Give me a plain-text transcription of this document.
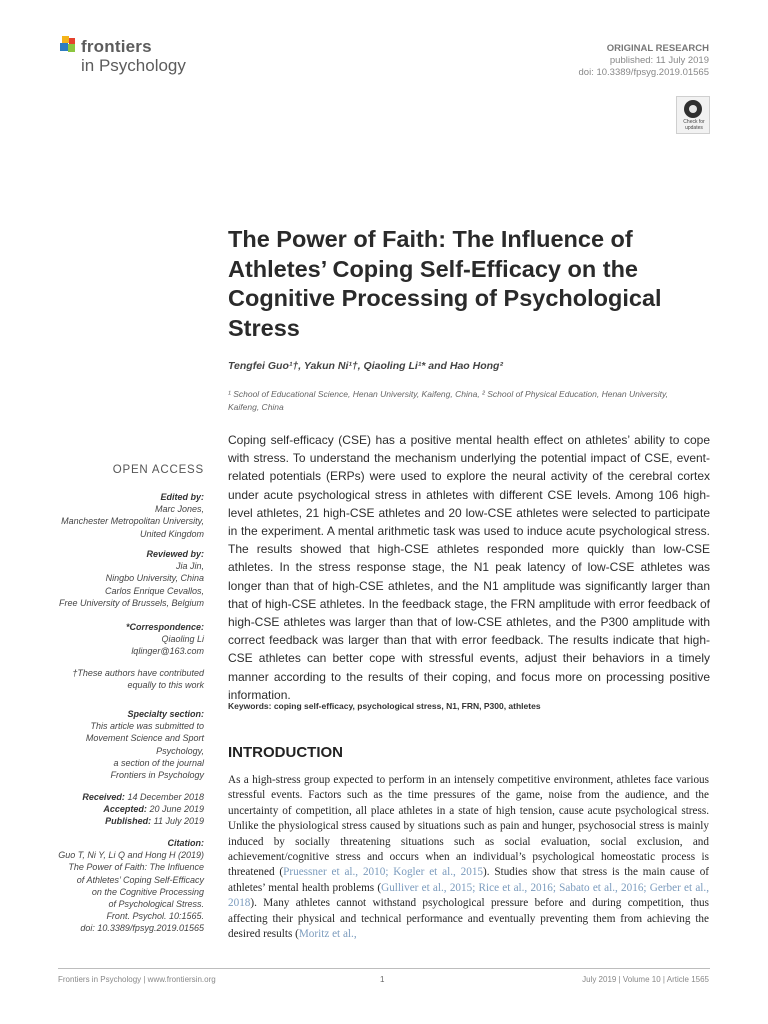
frontiers
in Psychology
ORIGINAL RESEARCH
published: 11 July 2019
doi: 10.3389/fpsyg.2019.01565
Check for updates
The Power of Faith: The Influence of Athletes’ Coping Self-Efficacy on the Cognitive Processing of Psychological Stress
Tengfei Guo¹†, Yakun Ni¹†, Qiaoling Li¹* and Hao Hong²
¹ School of Educational Science, Henan University, Kaifeng, China, ² School of Physical Education, Henan University, Kaifeng, China
OPEN ACCESS
Edited by:
Marc Jones,
Manchester Metropolitan University,
United Kingdom
Reviewed by:
Jia Jin,
Ningbo University, China
Carlos Enrique Cevallos,
Free University of Brussels, Belgium
*Correspondence:
Qiaoling Li
lqlinger@163.com
†These authors have contributed
equally to this work
Specialty section:
This article was submitted to
Movement Science and Sport
Psychology,
a section of the journal
Frontiers in Psychology
Received: 14 December 2018
Accepted: 20 June 2019
Published: 11 July 2019
Citation:
Guo T, Ni Y, Li Q and Hong H (2019)
The Power of Faith: The Influence
of Athletes’ Coping Self-Efficacy
on the Cognitive Processing
of Psychological Stress.
Front. Psychol. 10:1565.
doi: 10.3389/fpsyg.2019.01565

Coping self-efficacy (CSE) has a positive mental health effect on athletes’ ability to cope with stress. To understand the mechanism underlying the potential impact of CSE, event-related potentials (ERPs) were used to explore the neural activity of the cerebral cortex under acute psychological stress in athletes with different CSE levels. Among 106 high-level athletes, 21 high-CSE athletes and 20 low-CSE athletes were selected to participate in the experiment. A mental arithmetic task was used to induce acute psychological stress. The results showed that high-CSE athletes responded more quickly than low-CSE athletes. In the stress response stage, the N1 peak latency of low-CSE athletes was longer than that of high-CSE athletes, and the N1 amplitude was significantly larger than that of high-CSE athletes. In the feedback stage, the FRN amplitude with error feedback of high-CSE athletes was larger than that of low-CSE athletes, and the P300 amplitude with correct feedback was larger than that with error feedback. The results indicate that high-CSE athletes can better cope with stressful events, adjust their behaviors in a timely manner according to the results of their coping, and focus more on processing positive information.

Keywords: coping self-efficacy, psychological stress, N1, FRN, P300, athletes
INTRODUCTION

As a high-stress group expected to perform in an intensely competitive environment, athletes face various stressful events. Factors such as the time pressures of the game, noise from the audience, and the uncertainty of competition, all place athletes in a state of high tension, cause acute psychological stress. Unlike the physiological stress caused by situations such as pain and hunger, psychosocial stress is mainly induced by socially threatening situations such as social evaluation, social exclusion, and achievement/cognitive stress and occurs when an individual’s psychological homeostatic process is threatened (Pruessner et al., 2010; Kogler et al., 2015). Studies show that stress is the main cause of athletes’ mental health problems (Gulliver et al., 2015; Rice et al., 2016; Sabato et al., 2016; Gerber et al., 2018). Many athletes cannot withstand psychological pressure before and during competition, thus affecting their physical and technical performance and eventually preventing them from achieving the desired results (Moritz et al.,

Frontiers in Psychology | www.frontiersin.org	1	July 2019 | Volume 10 | Article 1565
